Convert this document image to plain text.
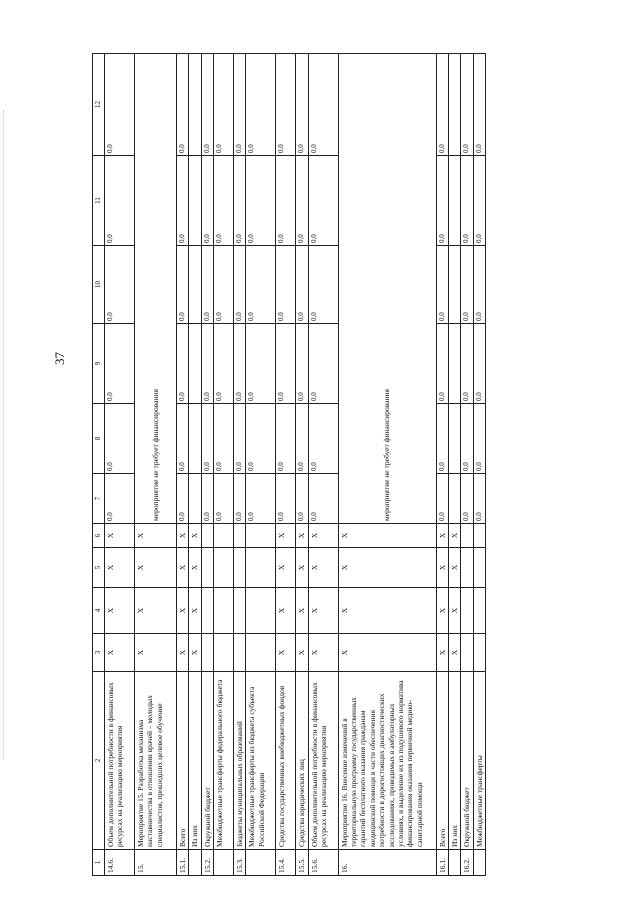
37
1	2	3	4	5	6	7	8	9	10	11	12
14.6.	Объем дополнительной потребности в финансовых ресурсах на реализацию мероприятия	X	X	X	X	0,0	0,0	0,0	0,0	0,0	0,0
15.	Мероприятие 15. Разработка механизма наставничества в отношении врачей – молодых специалистов, прошедших целевое обучение	X	X	X	X	мероприятие не требует финансирования					
15.1.	Всего	X	X	X	X	0,0	0,0	0,0	0,0	0,0	0,0
	Из них	X	X	X	X						
15.2.	Окружной бюджет					0,0	0,0	0,0	0,0	0,0	0,0
	Межбюджетные трансферты федерального бюджета					0,0	0,0	0,0	0,0	0,0	0,0
15.3.	Бюджеты муниципальных образований					0,0	0,0	0,0	0,0	0,0	0,0
	Межбюджетные трансферты из бюджета субъекта Российской Федерации					0,0	0,0	0,0	0,0	0,0	0,0
15.4.	Средства государственных внебюджетных фондов	X	X	X	X	0,0	0,0	0,0	0,0	0,0	0,0
15.5.	Средства юридических лиц	X	X	X	X	0,0	0,0	0,0	0,0	0,0	0,0
15.6.	Объем дополнительной потребности в финансовых ресурсах на реализацию мероприятия	X	X	X	X	0,0	0,0	0,0	0,0	0,0	0,0
16.	Мероприятие 16. Внесение изменений в территориальную программу государственных гарантий бесплатного оказания гражданам медицинской помощи в части обеспечения потребности в дорогостоящих диагностических исследованиях, проводимых в амбулаторных условиях, и выделение их из подушевого норматива финансирования оказания первичной медико-санитарной помощи	X	X	X	X	мероприятие не требует финансирования					
16.1.	Всего	X	X	X	X	0,0	0,0	0,0	0,0	0,0	0,0
	Из них	X	X	X	X						
16.2.	Окружной бюджет					0,0	0,0	0,0	0,0	0,0	0,0
	Межбюджетные трансферты					0,0	0,0	0,0	0,0	0,0	0,0
